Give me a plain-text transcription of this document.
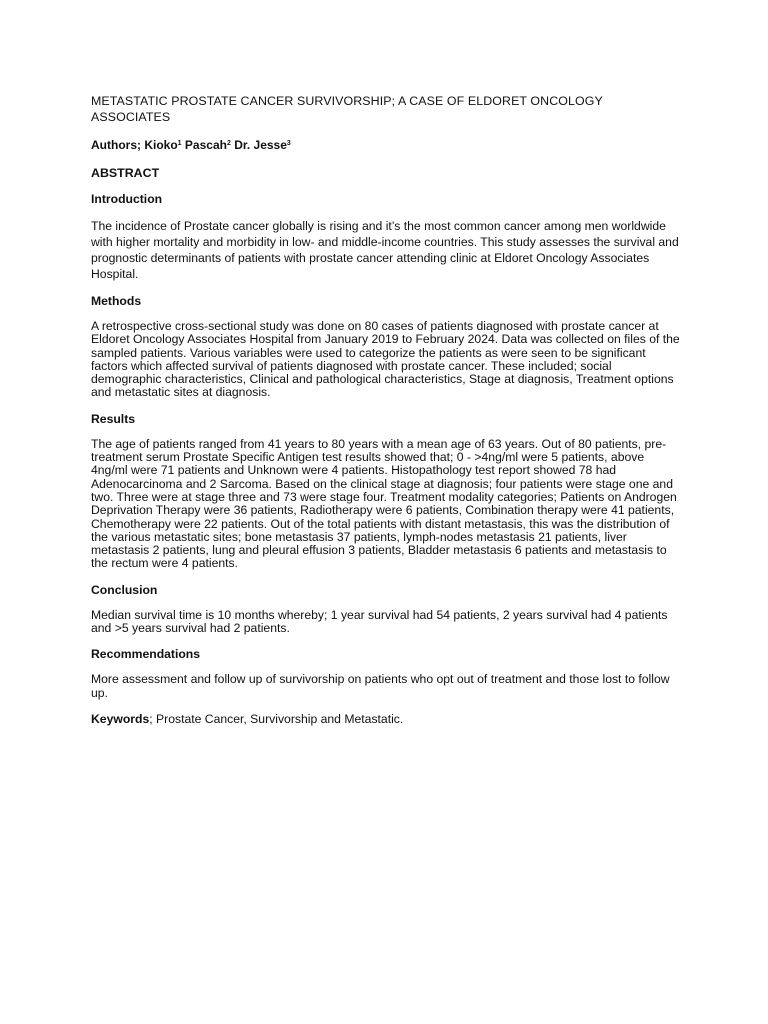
METASTATIC PROSTATE CANCER SURVIVORSHIP; A CASE OF ELDORET ONCOLOGY ASSOCIATES
Authors; Kioko$^1$ Pascah$^2$ Dr. Jesse$^3$
ABSTRACT
Introduction
The incidence of Prostate cancer globally is rising and it’s the most common cancer among men worldwide with higher mortality and morbidity in low- and middle-income countries. This study assesses the survival and prognostic determinants of patients with prostate cancer attending clinic at Eldoret Oncology Associates Hospital.
Methods
A retrospective cross-sectional study was done on 80 cases of patients diagnosed with prostate cancer at Eldoret Oncology Associates Hospital from January 2019 to February 2024. Data was collected on files of the sampled patients. Various variables were used to categorize the patients as were seen to be significant factors which affected survival of patients diagnosed with prostate cancer. These included; social demographic characteristics, Clinical and pathological characteristics, Stage at diagnosis, Treatment options and metastatic sites at diagnosis.
Results
The age of patients ranged from 41 years to 80 years with a mean age of 63 years. Out of 80 patients, pre-treatment serum Prostate Specific Antigen test results showed that; 0 - >4ng/ml were 5 patients, above 4ng/ml were 71 patients and Unknown were 4 patients. Histopathology test report showed 78 had Adenocarcinoma and 2 Sarcoma. Based on the clinical stage at diagnosis; four patients were stage one and two. Three were at stage three and 73 were stage four. Treatment modality categories; Patients on Androgen Deprivation Therapy were 36 patients, Radiotherapy were 6 patients, Combination therapy were 41 patients, Chemotherapy were 22 patients. Out of the total patients with distant metastasis, this was the distribution of the various metastatic sites; bone metastasis 37 patients, lymph-nodes metastasis 21 patients, liver metastasis 2 patients, lung and pleural effusion 3 patients, Bladder metastasis 6 patients and metastasis to the rectum were 4 patients.
Conclusion
Median survival time is 10 months whereby; 1 year survival had 54 patients, 2 years survival had 4 patients and >5 years survival had 2 patients.
Recommendations
More assessment and follow up of survivorship on patients who opt out of treatment and those lost to follow up.
Keywords; Prostate Cancer, Survivorship and Metastatic.
